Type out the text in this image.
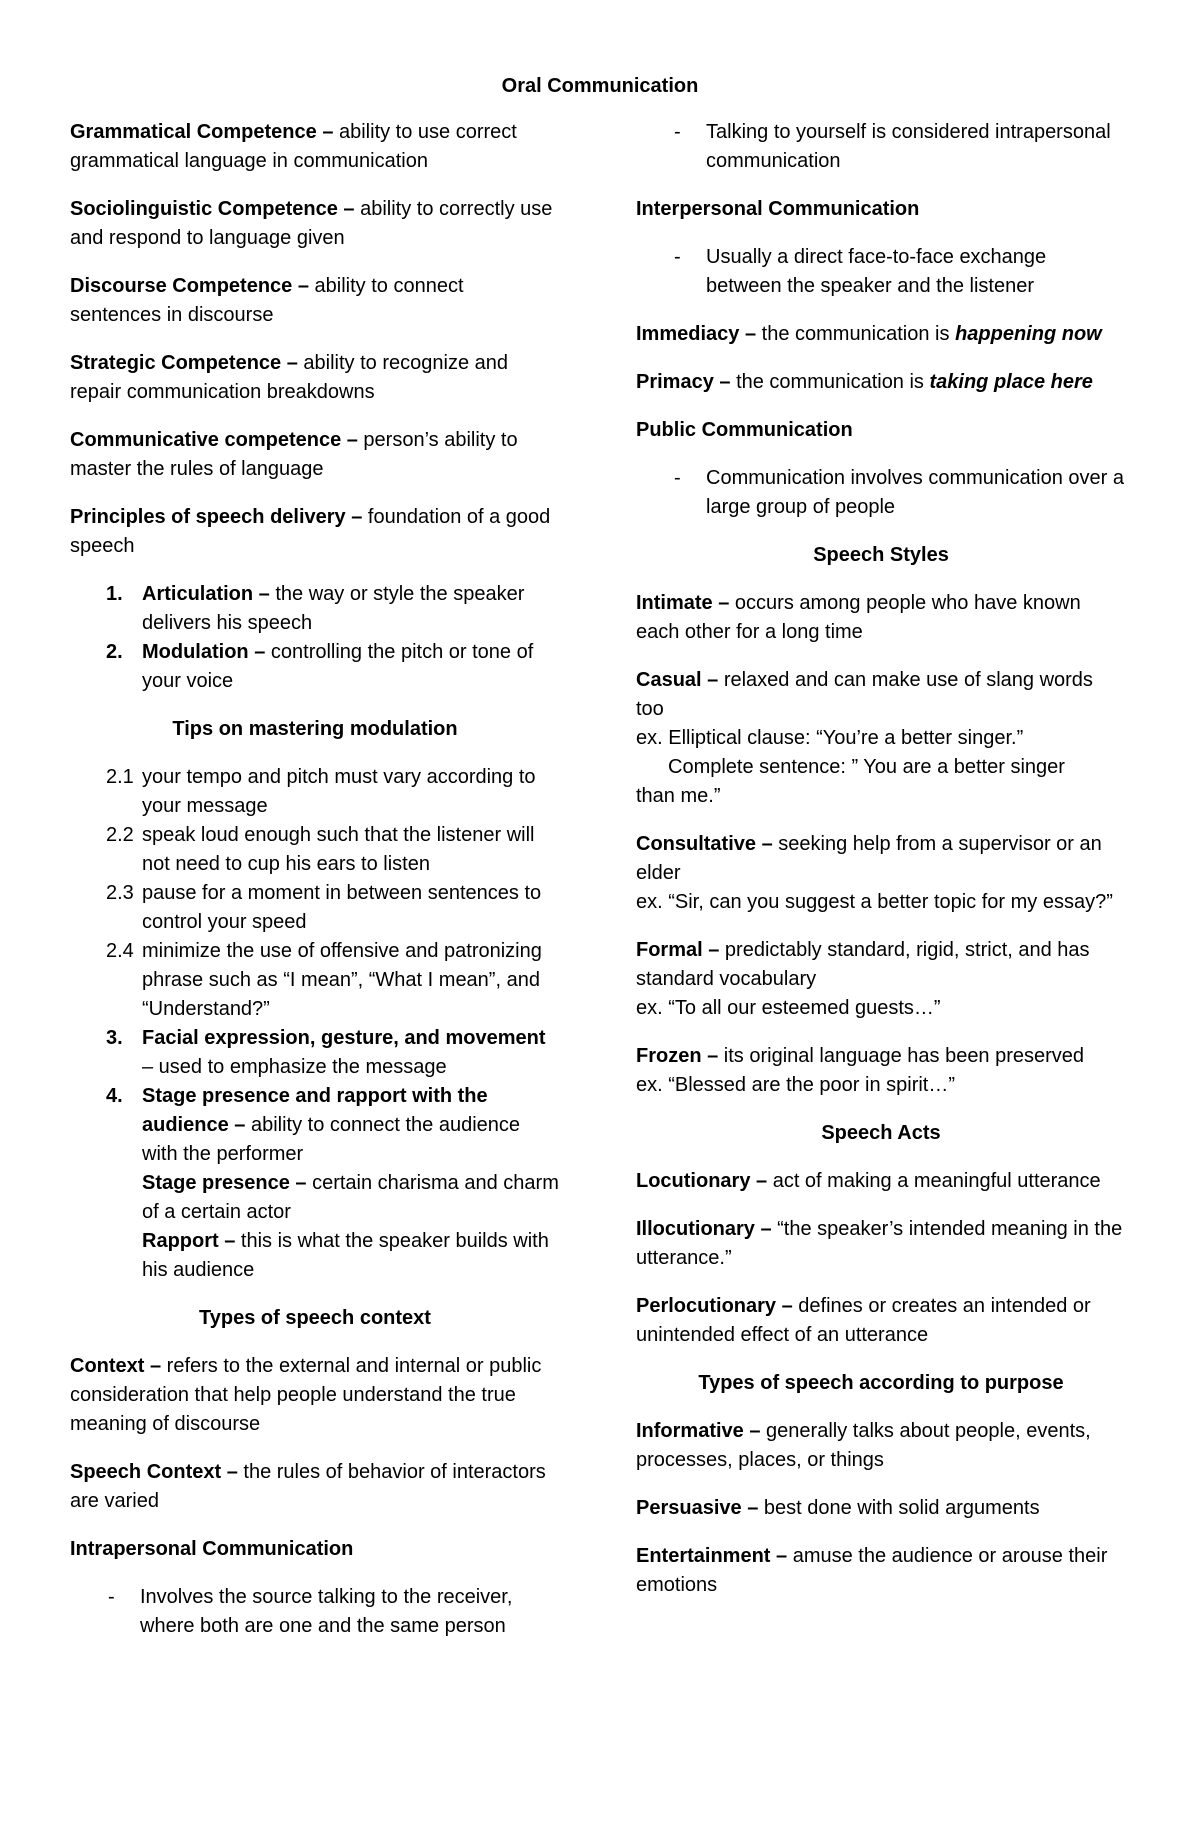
Oral Communication

Grammatical Competence – ability to use correct grammatical language in communication

Sociolinguistic Competence – ability to correctly use and respond to language given

Discourse Competence – ability to connect sentences in discourse

Strategic Competence – ability to recognize and repair communication breakdowns

Communicative competence – person’s ability to master the rules of language

Principles of speech delivery – foundation of a good speech

1. Articulation – the way or style the speaker delivers his speech
2. Modulation – controlling the pitch or tone of your voice

Tips on mastering modulation

2.1 your tempo and pitch must vary according to your message
2.2 speak loud enough such that the listener will not need to cup his ears to listen
2.3 pause for a moment in between sentences to control your speed
2.4 minimize the use of offensive and patronizing phrase such as “I mean”, “What I mean”, and “Understand?”
3. Facial expression, gesture, and movement – used to emphasize the message
4. Stage presence and rapport with the audience – ability to connect the audience with the performer
Stage presence – certain charisma and charm of a certain actor
Rapport – this is what the speaker builds with his audience

Types of speech context

Context – refers to the external and internal or public consideration that help people understand the true meaning of discourse

Speech Context – the rules of behavior of interactors are varied

Intrapersonal Communication

- Involves the source talking to the receiver, where both are one and the same person
- Talking to yourself is considered intrapersonal communication

Interpersonal Communication

- Usually a direct face-to-face exchange between the speaker and the listener

Immediacy – the communication is happening now

Primacy – the communication is taking place here

Public Communication

- Communication involves communication over a large group of people

Speech Styles

Intimate – occurs among people who have known each other for a long time

Casual – relaxed and can make use of slang words too
ex. Elliptical clause: “You’re a better singer.”
Complete sentence: ” You are a better singer
than me.”
Consultative – seeking help from a supervisor or an elder
ex. “Sir, can you suggest a better topic for my essay?”
Formal – predictably standard, rigid, strict, and has standard vocabulary
ex. “To all our esteemed guests…”
Frozen – its original language has been preserved
ex. “Blessed are the poor in spirit…”

Speech Acts

Locutionary – act of making a meaningful utterance

Illocutionary – “the speaker’s intended meaning in the utterance.”

Perlocutionary – defines or creates an intended or unintended effect of an utterance

Types of speech according to purpose

Informative – generally talks about people, events, processes, places, or things

Persuasive – best done with solid arguments

Entertainment – amuse the audience or arouse their emotions
